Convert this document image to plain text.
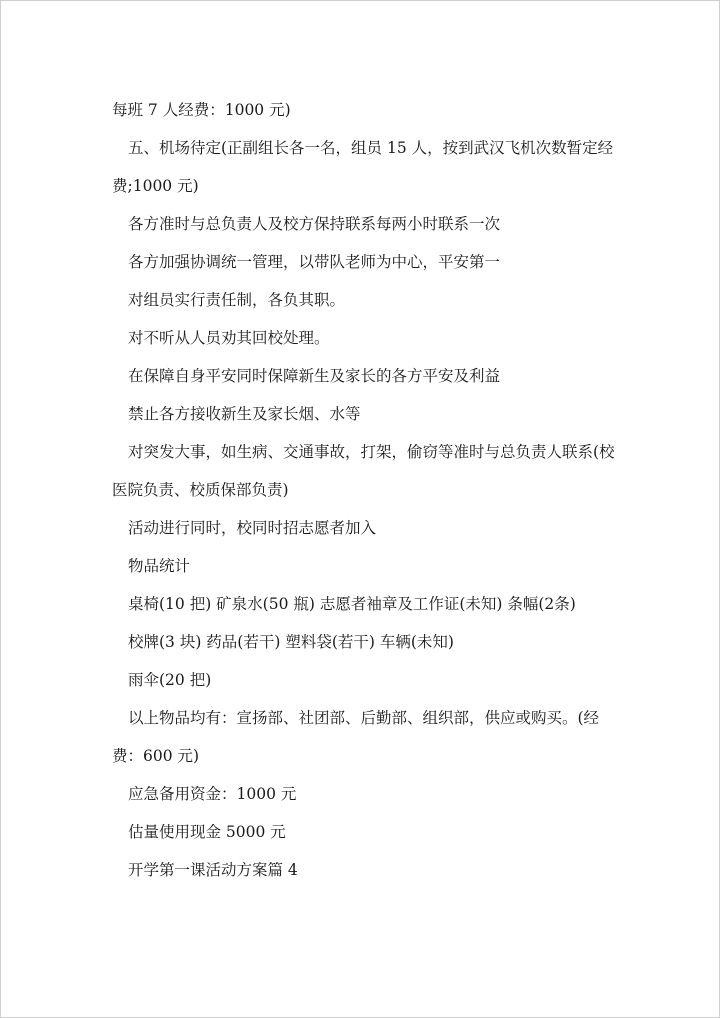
每班 7 人经费：1000 元)

五、机场待定(正副组长各一名，组员 15 人，按到武汉飞机次数暂定经费;1000 元)

各方准时与总负责人及校方保持联系每两小时联系一次

各方加强协调统一管理，以带队老师为中心，平安第一

对组员实行责任制，各负其职。

对不听从人员劝其回校处理。

在保障自身平安同时保障新生及家长的各方平安及利益

禁止各方接收新生及家长烟、水等

对突发大事，如生病、交通事故，打架，偷窃等准时与总负责人联系(校医院负责、校质保部负责)

活动进行同时，校同时招志愿者加入

物品统计

桌椅(10 把) 矿泉水(50 瓶) 志愿者袖章及工作证(未知) 条幅(2条)

校牌(3 块) 药品(若干) 塑料袋(若干) 车辆(未知)

雨伞(20 把)

以上物品均有：宣扬部、社团部、后勤部、组织部，供应或购买。(经费：600 元)

应急备用资金：1000 元

估量使用现金 5000 元

开学第一课活动方案篇 4
